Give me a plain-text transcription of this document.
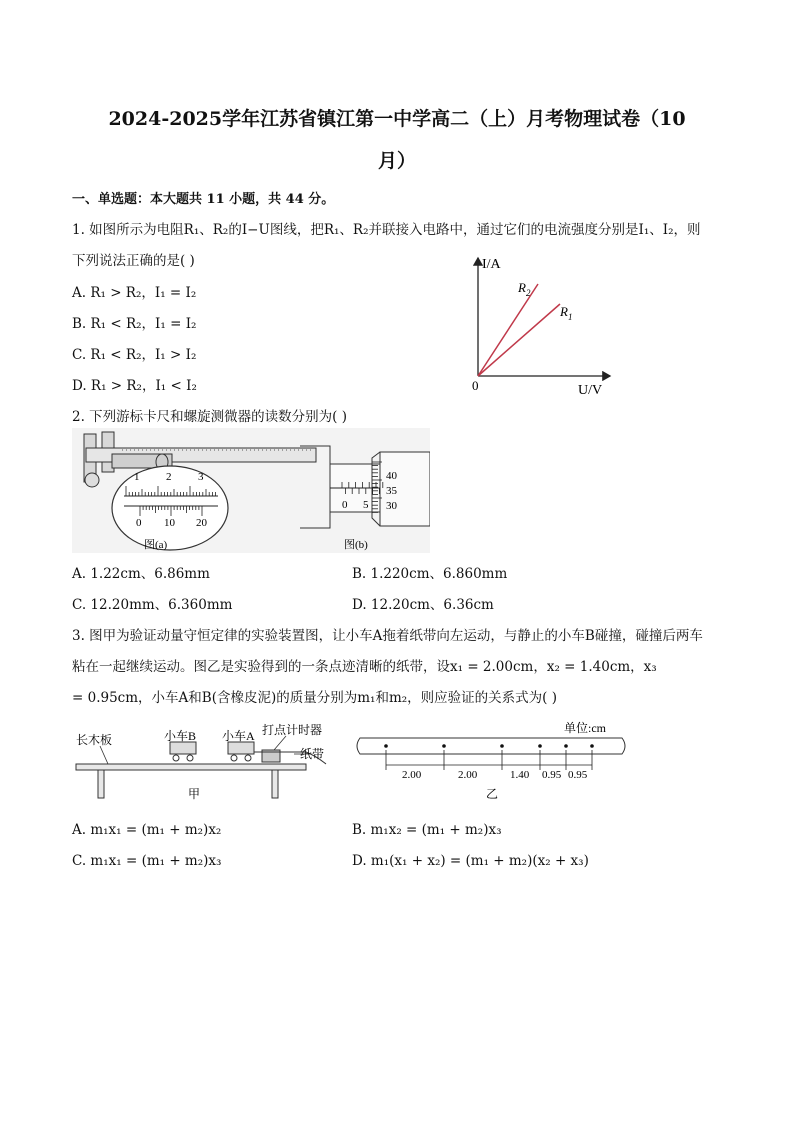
2024-2025学年江苏省镇江第一中学高二（上）月考物理试卷（10
月）
一、单选题：本大题共 11 小题，共 44 分。
1. 如图所示为电阻R₁、R₂的I−U图线，把R₁、R₂并联接入电路中，通过它们的电流强度分别是I₁、I₂，则
下列说法正确的是( )
A. R₁ > R₂，I₁ = I₂
B. R₁ < R₂，I₁ = I₂
C. R₁ < R₂，I₁ > I₂
D. R₁ > R₂，I₁ < I₂
I/A
U/V
0
$R_2$
$R_1$
2. 下列游标卡尺和螺旋测微器的读数分别为( )
1 2 3
0 10 20
图(a)
0 5
40
35
30
图(b)
A. 1.22cm、6.86mm	B. 1.220cm、6.860mm
C. 12.20mm、6.360mm	D. 12.20cm、6.36cm
3. 图甲为验证动量守恒定律的实验装置图，让小车A拖着纸带向左运动，与静止的小车B碰撞，碰撞后两车
粘在一起继续运动。图乙是实验得到的一条点迹清晰的纸带，设x₁ = 2.00cm，x₂ = 1.40cm，x₃
= 0.95cm，小车A和B(含橡皮泥)的质量分别为m₁和m₂，则应验证的关系式为( )
长木板	小车B 小车A 打点计时器
纸带
甲
单位:cm
2.00	2.00	1.40 0.95 0.95
乙
A. m₁x₁ = (m₁ + m₂)x₂	B. m₁x₂ = (m₁ + m₂)x₃
C. m₁x₁ = (m₁ + m₂)x₃	D. m₁(x₁ + x₂) = (m₁ + m₂)(x₂ + x₃)
